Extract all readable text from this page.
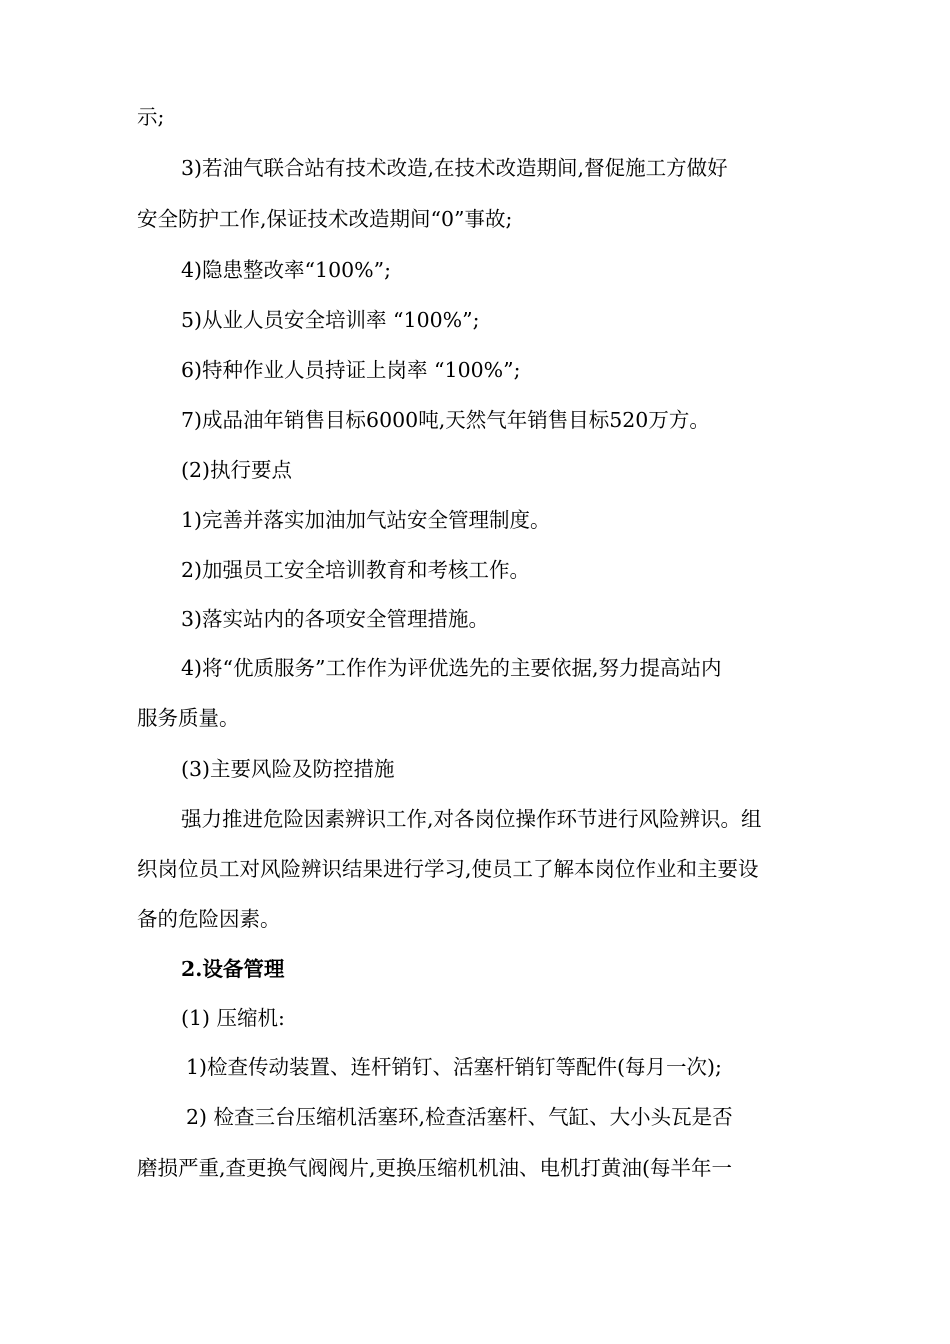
示;
3)若油气联合站有技术改造,在技术改造期间,督促施工方做好
安全防护工作,保证技术改造期间“0”事故;
4)隐患整改率“100%”;
5)从业人员安全培训率 “100%”;
6)特种作业人员持证上岗率 “100%”;
7)成品油年销售目标6000吨,天然气年销售目标520万方。
(2)执行要点
1)完善并落实加油加气站安全管理制度。
2)加强员工安全培训教育和考核工作。
3)落实站内的各项安全管理措施。
4)将“优质服务”工作作为评优选先的主要依据,努力提高站内
服务质量。
(3)主要风险及防控措施
强力推进危险因素辨识工作,对各岗位操作环节进行风险辨识。组
织岗位员工对风险辨识结果进行学习,使员工了解本岗位作业和主要设
备的危险因素。
2.设备管理
(1) 压缩机:
1)检查传动装置、连杆销钉、活塞杆销钉等配件(每月一次);
2) 检查三台压缩机活塞环,检查活塞杆、气缸、大小头瓦是否
磨损严重,查更换气阀阀片,更换压缩机机油、电机打黄油(每半年一
